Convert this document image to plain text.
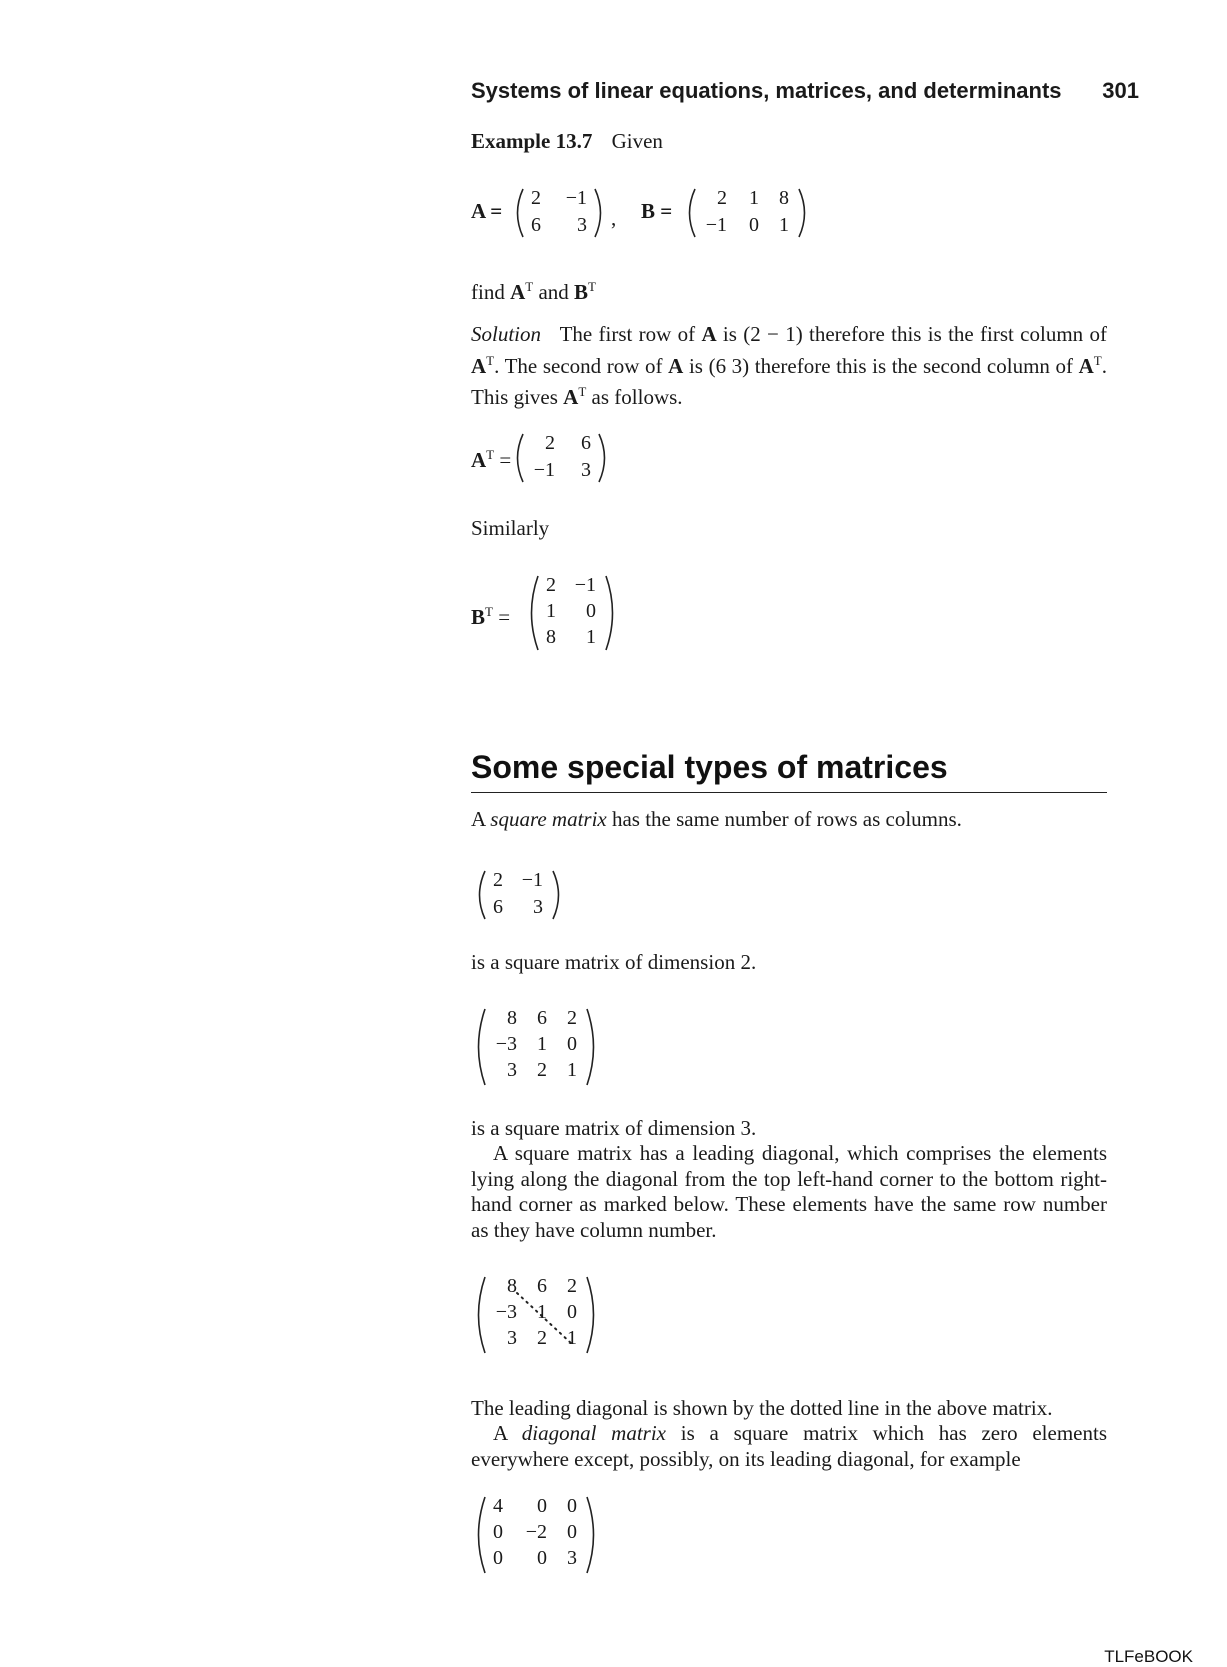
Systems of linear equations, matrices, and determinants 301
Example 13.7 Given
A =
2	−1
6	3 , B =
2	1	8
−1	0	1
find $A^T$ and $B^T$
Solution The first row of A is (2 − 1) therefore this is the first column of $A^T$. The second row of A is (6 3) therefore this is the second column of $A^T$. This gives $A^T$ as follows.
$A^T$ =
2	6
−1	3
Similarly
$B^T$ =
2 −1
1	0
8	1
Some special types of matrices
A square matrix has the same number of rows as columns.
2 −1
6	3
is a square matrix of dimension 2.
8	6	2
−3	1	0
3	2	1
is a square matrix of dimension 3.
A square matrix has a leading diagonal, which comprises the elements lying along the diagonal from the top left-hand corner to the bottom right-hand corner as marked below. These elements have the same row number as they have column number.
8	6	2
−3	1	0
3	2	1
The leading diagonal is shown by the dotted line in the above matrix.
A diagonal matrix is a square matrix which has zero elements everywhere except, possibly, on its leading diagonal, for example
4	0	0
0	−2	0
0	0	3
TLFeBOOK
